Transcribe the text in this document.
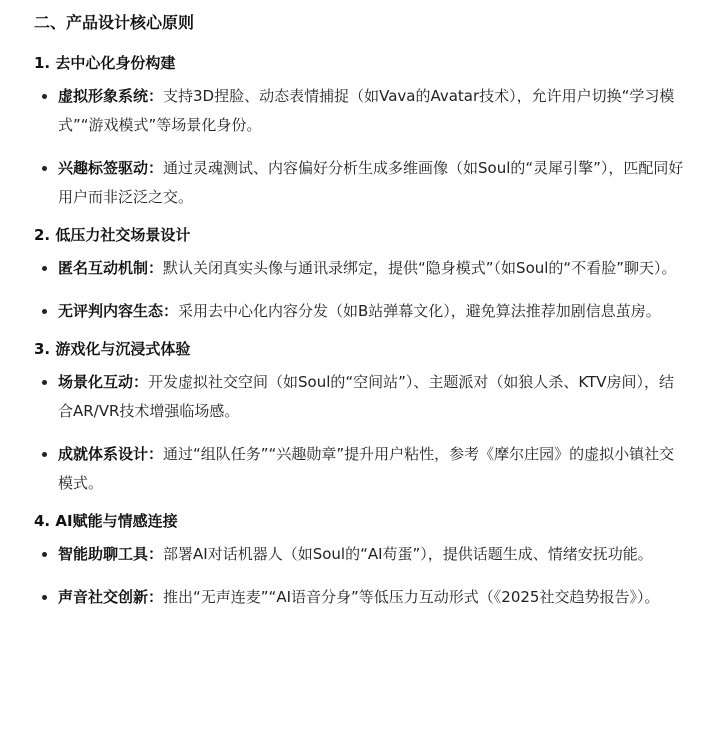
二、产品设计核心原则
1. 去中心化身份构建
虚拟形象系统：支持3D捏脸、动态表情捕捉（如Vava的Avatar技术），允许用户切换“学习模式”“游戏模式”等场景化身份。
兴趣标签驱动：通过灵魂测试、内容偏好分析生成多维画像（如Soul的“灵犀引擎”），匹配同好用户而非泛泛之交。
2. 低压力社交场景设计
匿名互动机制：默认关闭真实头像与通讯录绑定，提供“隐身模式”（如Soul的“不看脸”聊天）。
无评判内容生态：采用去中心化内容分发（如B站弹幕文化），避免算法推荐加剧信息茧房。
3. 游戏化与沉浸式体验
场景化互动：开发虚拟社交空间（如Soul的“空间站”）、主题派对（如狼人杀、KTV房间），结合AR/VR技术增强临场感。
成就体系设计：通过“组队任务”“兴趣勋章”提升用户粘性，参考《摩尔庄园》的虚拟小镇社交模式。
4. AI赋能与情感连接
智能助聊工具：部署AI对话机器人（如Soul的“AI苟蛋”），提供话题生成、情绪安抚功能。
声音社交创新：推出“无声连麦”“AI语音分身”等低压力互动形式（《2025社交趋势报告》）。
